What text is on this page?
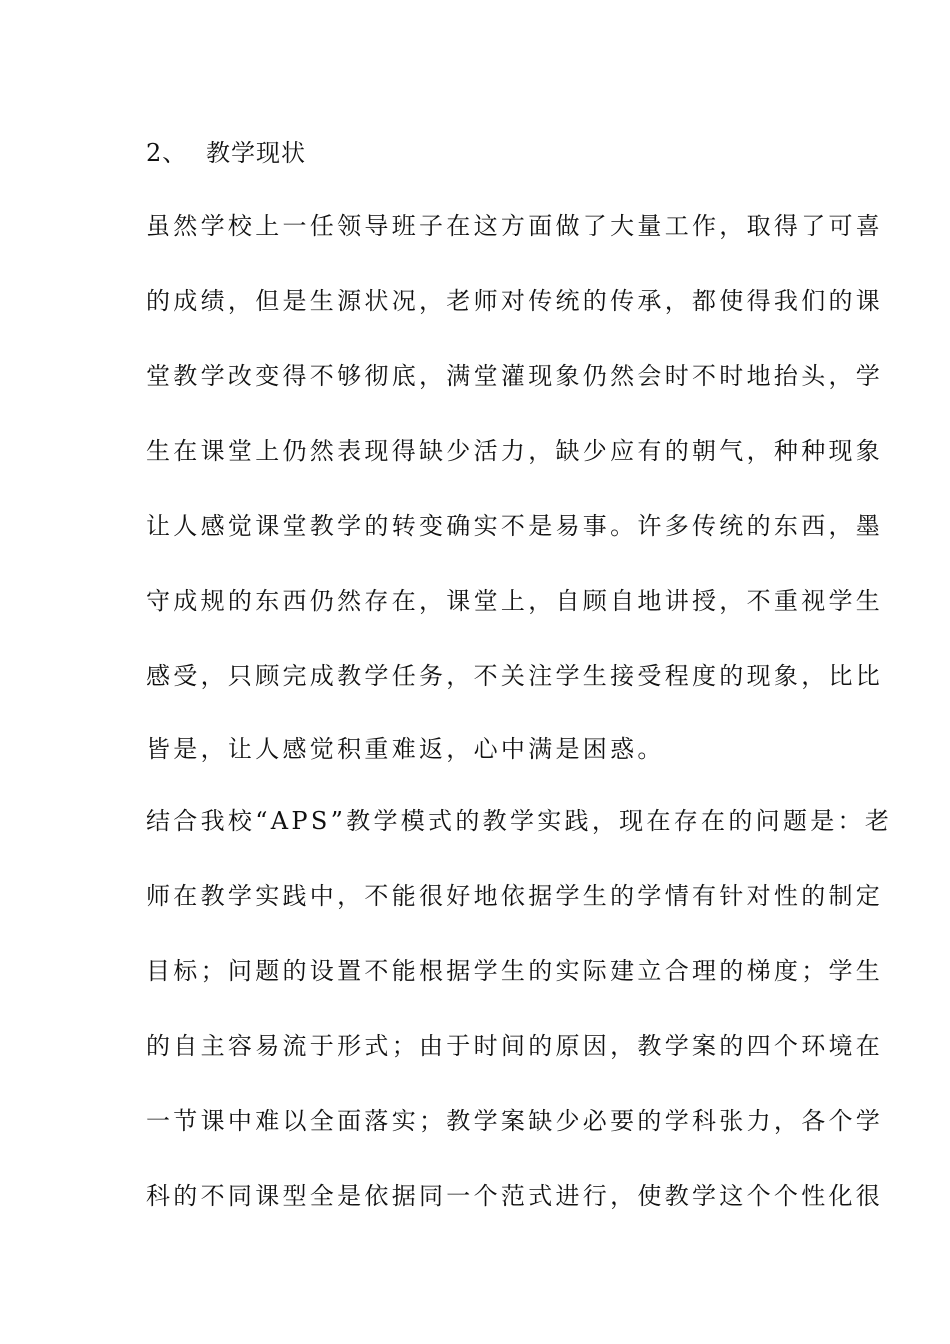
2、 教学现状

虽然学校上一任领导班子在这方面做了大量工作，取得了可喜

的成绩，但是生源状况，老师对传统的传承，都使得我们的课

堂教学改变得不够彻底，满堂灌现象仍然会时不时地抬头，学

生在课堂上仍然表现得缺少活力，缺少应有的朝气，种种现象

让人感觉课堂教学的转变确实不是易事。许多传统的东西，墨

守成规的东西仍然存在，课堂上，自顾自地讲授，不重视学生

感受，只顾完成教学任务，不关注学生接受程度的现象，比比

皆是，让人感觉积重难返，心中满是困惑。

结合我校“APS”教学模式的教学实践，现在存在的问题是：老

师在教学实践中，不能很好地依据学生的学情有针对性的制定

目标；问题的设置不能根据学生的实际建立合理的梯度；学生

的自主容易流于形式；由于时间的原因，教学案的四个环境在

一节课中难以全面落实；教学案缺少必要的学科张力，各个学

科的不同课型全是依据同一个范式进行，使教学这个个性化很
